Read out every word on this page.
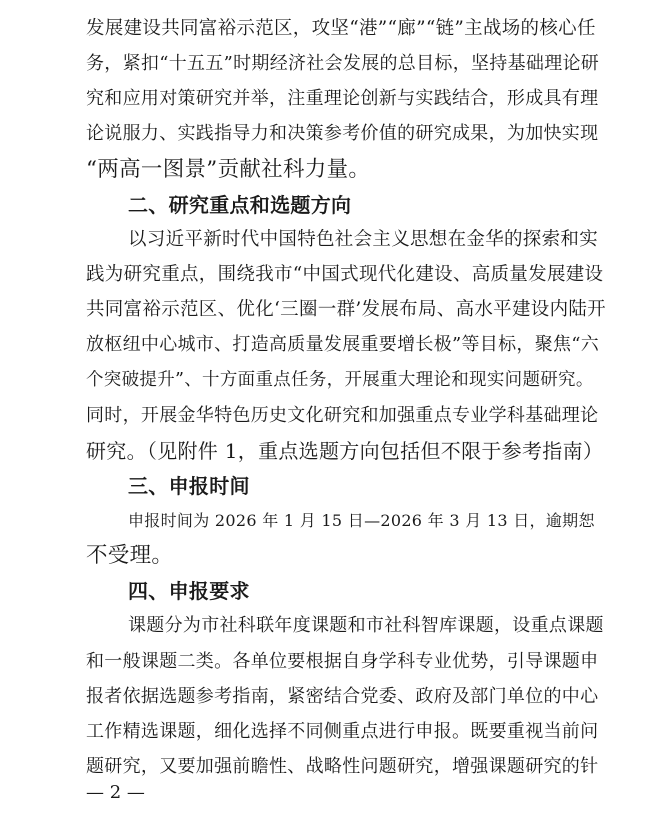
发展建设共同富裕示范区，攻坚“港”“廊”“链”主战场的核心任
务，紧扣“十五五”时期经济社会发展的总目标，坚持基础理论研
究和应用对策研究并举，注重理论创新与实践结合，形成具有理
论说服力、实践指导力和决策参考价值的研究成果，为加快实现
“两高一图景”贡献社科力量。
二、研究重点和选题方向
以习近平新时代中国特色社会主义思想在金华的探索和实
践为研究重点，围绕我市“中国式现代化建设、高质量发展建设
共同富裕示范区、优化‘三圈一群’发展布局、高水平建设内陆开
放枢纽中心城市、打造高质量发展重要增长极”等目标，聚焦“六
个突破提升”、十方面重点任务，开展重大理论和现实问题研究。
同时，开展金华特色历史文化研究和加强重点专业学科基础理论
研究。（见附件 1，重点选题方向包括但不限于参考指南）
三、申报时间
申报时间为 2026 年 1 月 15 日—2026 年 3 月 13 日，逾期恕
不受理。
四、申报要求
课题分为市社科联年度课题和市社科智库课题，设重点课题
和一般课题二类。各单位要根据自身学科专业优势，引导课题申
报者依据选题参考指南，紧密结合党委、政府及部门单位的中心
工作精选课题，细化选择不同侧重点进行申报。既要重视当前问
题研究，又要加强前瞻性、战略性问题研究，增强课题研究的针
— 2 —
